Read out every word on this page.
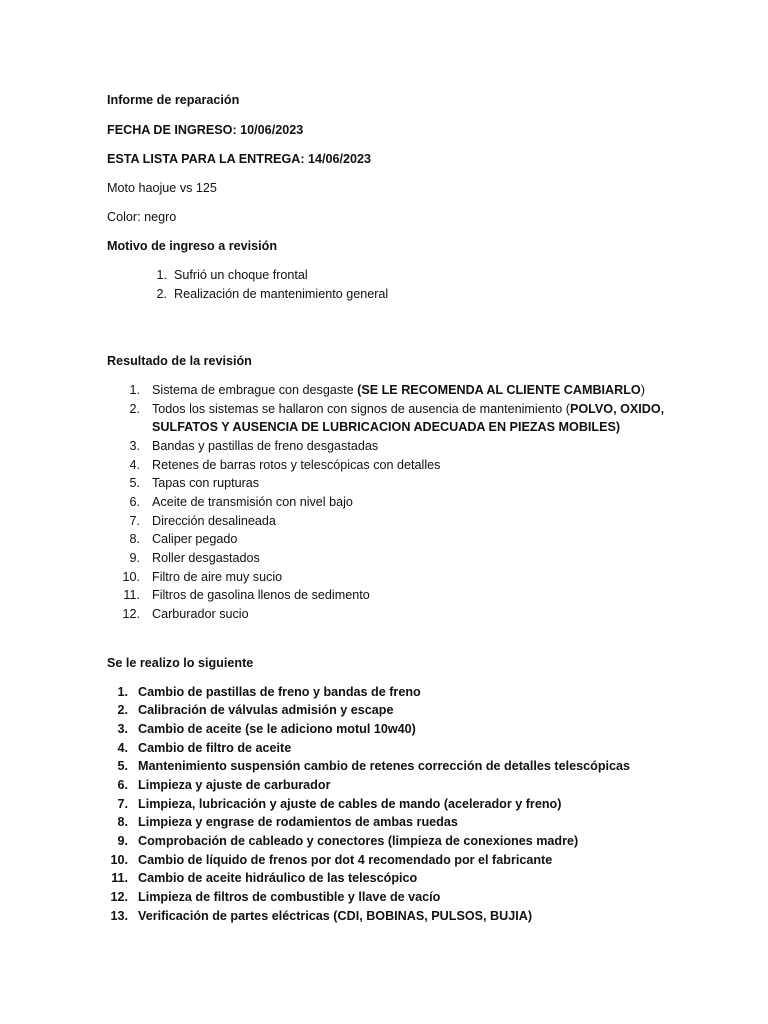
Informe de reparación
FECHA DE INGRESO: 10/06/2023
ESTA LISTA PARA LA ENTREGA: 14/06/2023
Moto haojue vs 125
Color: negro
Motivo de ingreso a revisión
1. Sufrió un choque frontal
2. Realización de mantenimiento general
Resultado de la revisión
1. Sistema de embrague con desgaste (SE LE RECOMENDA AL CLIENTE CAMBIARLO)
2. Todos los sistemas se hallaron con signos de ausencia de mantenimiento (POLVO, OXIDO,
SULFATOS Y AUSENCIA DE LUBRICACION ADECUADA EN PIEZAS MOBILES)
3. Bandas y pastillas de freno desgastadas
4. Retenes de barras rotos y telescópicas con detalles
5. Tapas con rupturas
6. Aceite de transmisión con nivel bajo
7. Dirección desalineada
8. Caliper pegado
9. Roller desgastados
10. Filtro de aire muy sucio
11. Filtros de gasolina llenos de sedimento
12. Carburador sucio
Se le realizo lo siguiente
1. Cambio de pastillas de freno y bandas de freno
2. Calibración de válvulas admisión y escape
3. Cambio de aceite (se le adiciono motul 10w40)
4. Cambio de filtro de aceite
5. Mantenimiento suspensión cambio de retenes corrección de detalles telescópicas
6. Limpieza y ajuste de carburador
7. Limpieza, lubricación y ajuste de cables de mando (acelerador y freno)
8. Limpieza y engrase de rodamientos de ambas ruedas
9. Comprobación de cableado y conectores (limpieza de conexiones madre)
10. Cambio de líquido de frenos por dot 4 recomendado por el fabricante
11. Cambio de aceite hidráulico de las telescópico
12. Limpieza de filtros de combustible y llave de vacío
13. Verificación de partes eléctricas (CDI, BOBINAS, PULSOS, BUJIA)
